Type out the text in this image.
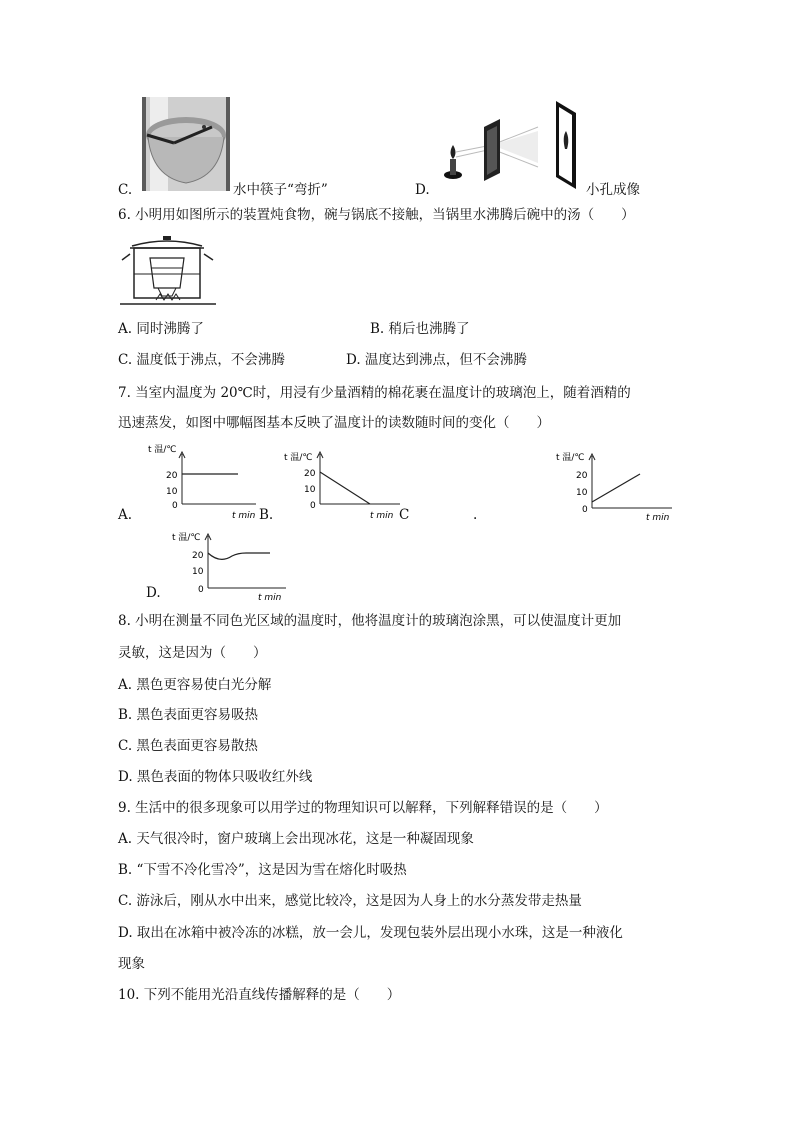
C.	水中筷子“弯折”	D.	小孔成像
6. 小明用如图所示的装置炖食物，碗与锅底不接触，当锅里水沸腾后碗中的汤（　　）
A. 同时沸腾了	B. 稍后也沸腾了
C. 温度低于沸点，不会沸腾	D. 温度达到沸点，但不会沸腾
7. 当室内温度为 20℃时，用浸有少量酒精的棉花裹在温度计的玻璃泡上，随着酒精的
迅速蒸发，如图中哪幅图基本反映了温度计的读数随时间的变化（　　）
A.
t 温/℃
20
10
0
t min B.
t 温/℃
20
10
0
t min C	.
t 温/℃
20
10
0
t min
D.
t 温/℃
20
10
0
t min
8. 小明在测量不同色光区域的温度时，他将温度计的玻璃泡涂黑，可以使温度计更加
灵敏，这是因为（　　）
A. 黑色更容易使白光分解
B. 黑色表面更容易吸热
C. 黑色表面更容易散热
D. 黑色表面的物体只吸收红外线
9. 生活中的很多现象可以用学过的物理知识可以解释，下列解释错误的是（　　）
A. 天气很冷时，窗户玻璃上会出现冰花，这是一种凝固现象
B. “下雪不冷化雪冷”，这是因为雪在熔化时吸热
C. 游泳后，刚从水中出来，感觉比较冷，这是因为人身上的水分蒸发带走热量
D. 取出在冰箱中被冷冻的冰糕，放一会儿，发现包装外层出现小水珠，这是一种液化
现象
10. 下列不能用光沿直线传播解释的是（　　）
